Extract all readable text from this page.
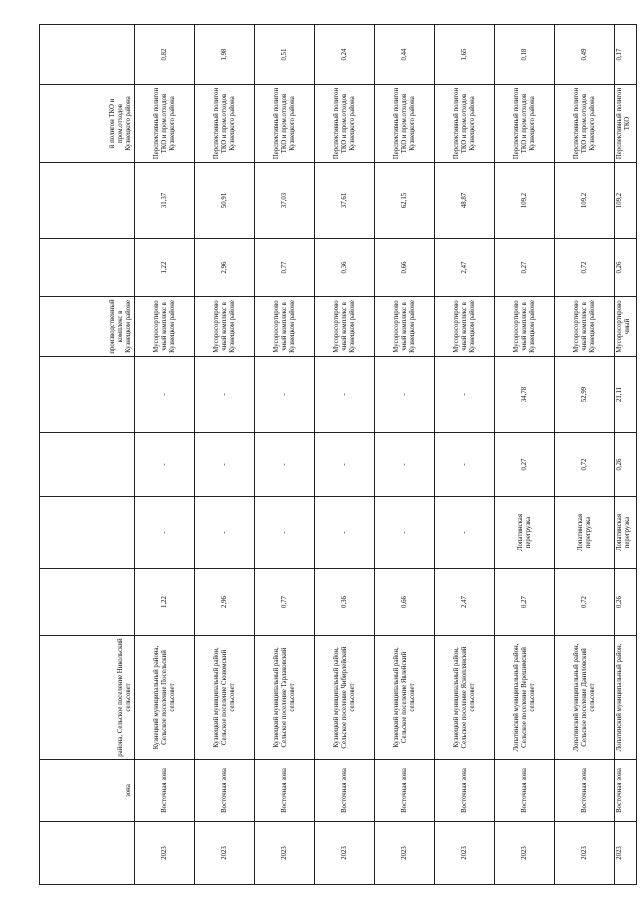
	зона	района, Сельское поселение Никольский сельсовет					производственный комплекс в Кузнецком районе			й полигон ТКО и пром.отходов Кузнецкого района		
2023	Восточная зона	Кузнецкий муниципальный района, Сельское поселение Посельский сельсовет	1,22	-	-	-	Мусоросортировочный комплекс в Кузнецком районе	1,22	31,37	Перспективный полигон ТКО и пром.отходов Кузнецкого района	0,82	
2023	Восточная зона	Кузнецкий муниципальный район, Сельское поселение Сюзюмский сельсовет	2,96	-	-	-	Мусоросортировочный комплекс в Кузнецком районе	2,96	50,91	Перспективный полигон ТКО и пром.отходов Кузнецкого района	1,98	
2023	Восточная зона	Кузнецкий муниципальный район, Сельское поселение Тарлаковский сельсовет	0,77	-	-	-	Мусоросортировочный комплекс в Кузнецком районе	0,77	37,03	Перспективный полигон ТКО и пром.отходов Кузнецкого района	0,51	
2023	Восточная зона	Кузнецкий муниципальный район, Сельское поселение Чибирлейский сельсовет	0,36	-	-	-	Мусоросортировочный комплекс в Кузнецком районе	0,36	37,61	Перспективный полигон ТКО и пром.отходов Кузнецкого района	0,24	
2023	Восточная зона	Кузнецкий муниципальный район, Сельское поселение Явлейский сельсовет	0,66	-	-	-	Мусоросортировочный комплекс в Кузнецком районе	0,66	62,15	Перспективный полигон ТКО и пром.отходов Кузнецкого района	0,44	
2023	Восточная зона	Кузнецкий муниципальный район, Сельское поселение Ясноплянский сельсовет	2,47	-	-	-	Мусоросортировочный комплекс в Кузнецком районе	2,47	48,87	Перспективный полигон ТКО и пром.отходов Кузнецкого района	1,65	
2023	Восточная зона	Лопатинский муниципальный район, Сельское поселение Верешимский сельсовет	0,27	Лопатинская перегрузка	0,27	34,78	Мусоросортировочный комплекс в Кузнецком районе	0,27	109,2	Перспективный полигон ТКО и пром.отходов Кузнецкого района	0,18	
2023	Восточная зона	Лопатинский муниципальный район, Сельское поселение Даниловский сельсовет	0,72	Лопатинская перегрузка	0,72	52,99	Мусоросортировочный комплекс в Кузнецком районе	0,72	109,2	Перспективный полигон ТКО и пром.отходов Кузнецкого района	0,49	
2023	Восточная зона	Лопатинский муниципальный район,	0,26	Лопатинская перегрузка	0,26	21,11	Мусоросортировочный	0,26	109,2	Перспективный полигон ТКО	0,17	
